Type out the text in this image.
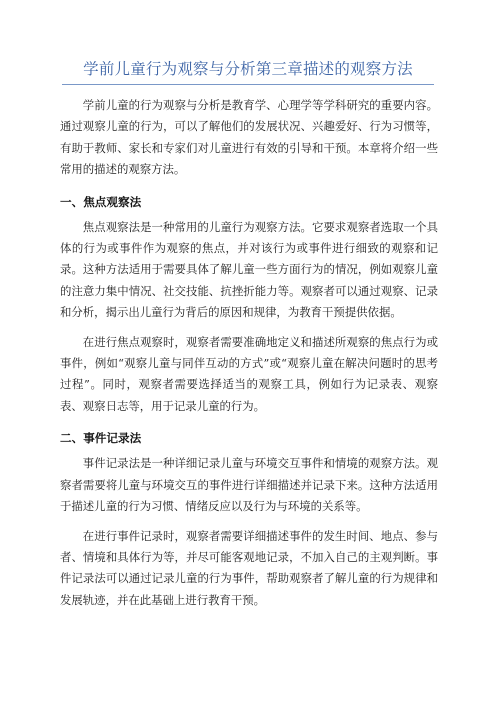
学前儿童行为观察与分析第三章描述的观察方法

学前儿童的行为观察与分析是教育学、心理学等学科研究的重要内容。通过观察儿童的行为，可以了解他们的发展状况、兴趣爱好、行为习惯等，有助于教师、家长和专家们对儿童进行有效的引导和干预。本章将介绍一些常用的描述的观察方法。

一、焦点观察法

焦点观察法是一种常用的儿童行为观察方法。它要求观察者选取一个具体的行为或事件作为观察的焦点，并对该行为或事件进行细致的观察和记录。这种方法适用于需要具体了解儿童一些方面行为的情况，例如观察儿童的注意力集中情况、社交技能、抗挫折能力等。观察者可以通过观察、记录和分析，揭示出儿童行为背后的原因和规律，为教育干预提供依据。

在进行焦点观察时，观察者需要准确地定义和描述所观察的焦点行为或事件，例如“观察儿童与同伴互动的方式”或“观察儿童在解决问题时的思考过程”。同时，观察者需要选择适当的观察工具，例如行为记录表、观察表、观察日志等，用于记录儿童的行为。

二、事件记录法

事件记录法是一种详细记录儿童与环境交互事件和情境的观察方法。观察者需要将儿童与环境交互的事件进行详细描述并记录下来。这种方法适用于描述儿童的行为习惯、情绪反应以及行为与环境的关系等。

在进行事件记录时，观察者需要详细描述事件的发生时间、地点、参与者、情境和具体行为等，并尽可能客观地记录，不加入自己的主观判断。事件记录法可以通过记录儿童的行为事件，帮助观察者了解儿童的行为规律和发展轨迹，并在此基础上进行教育干预。
